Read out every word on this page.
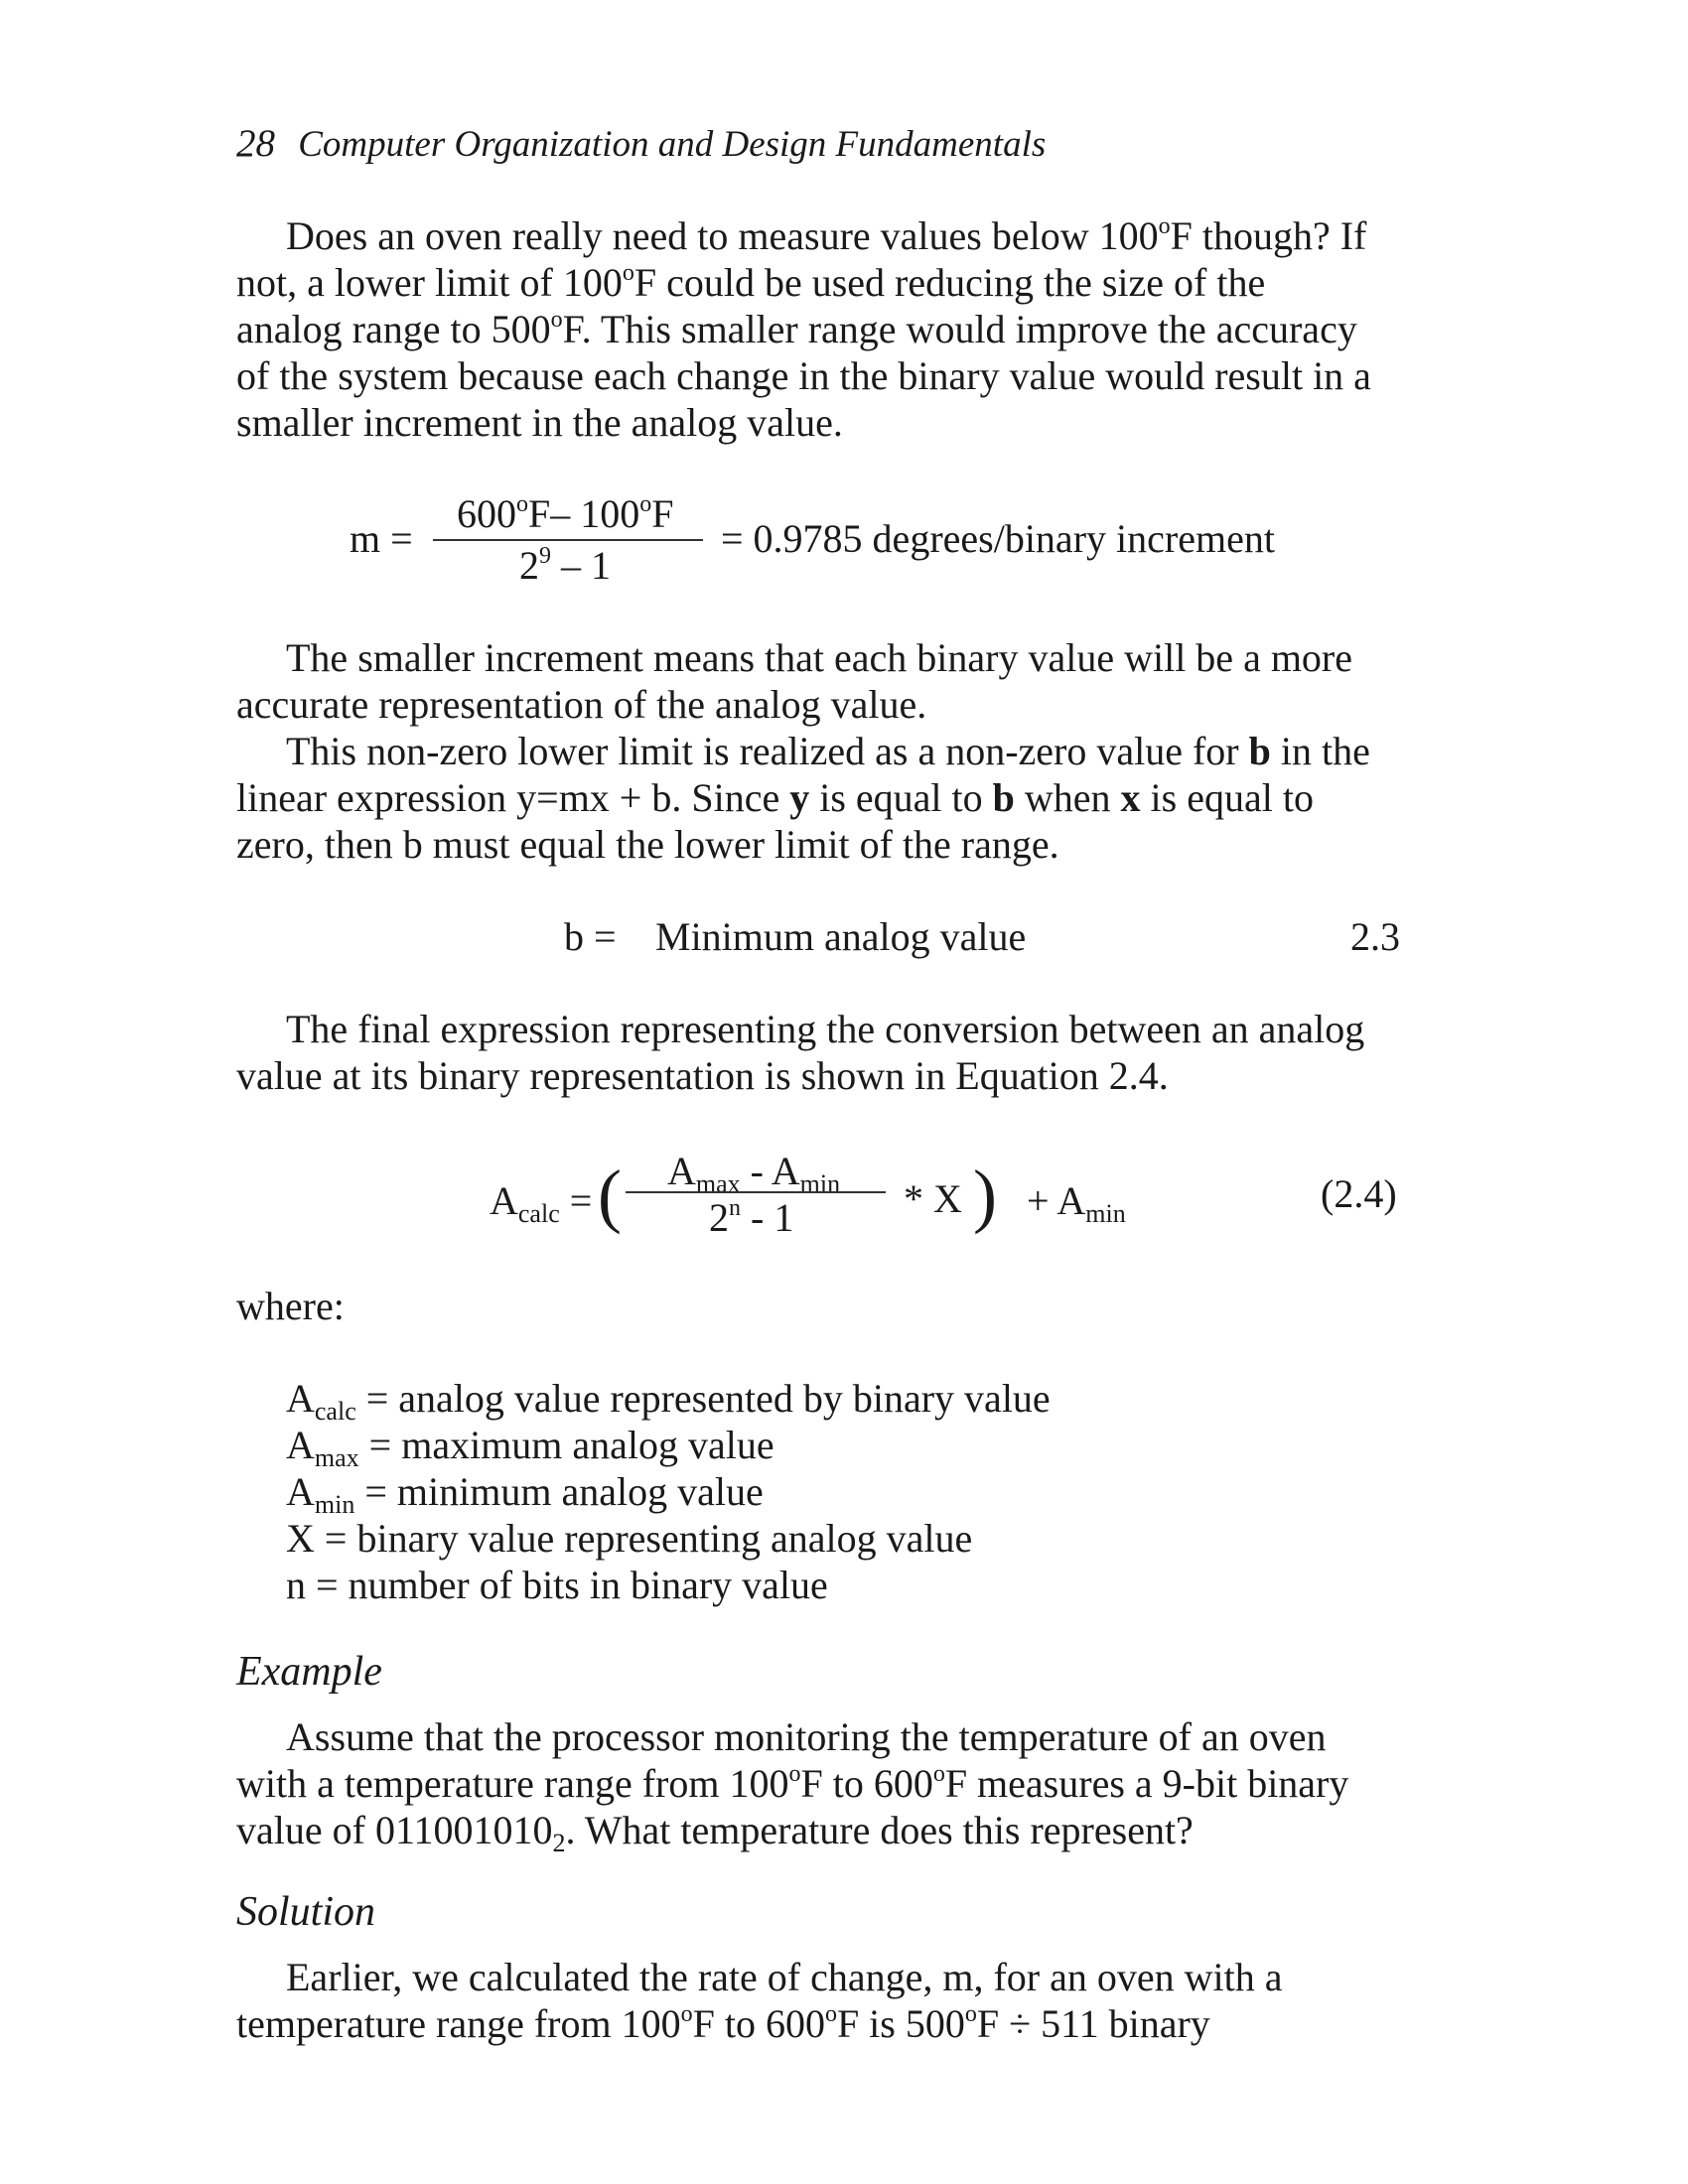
28 Computer Organization and Design Fundamentals
Does an oven really need to measure values below 100$^o$F though? If
not, a lower limit of 100$^o$F could be used reducing the size of the
analog range to 500$^o$F. This smaller range would improve the accuracy
of the system because each change in the binary value would result in a
smaller increment in the analog value.
m =
$600^oF-$ 100$^o$F
$2^9 - 1$
= 0.9785 degrees/binary increment
The smaller increment means that each binary value will be a more
accurate representation of the analog value.
This non-zero lower limit is realized as a non-zero value for b in the
linear expression y=mx + b. Since y is equal to b when x is equal to
zero, then b must equal the lower limit of the range.
b = Minimum analog value	2.3
The final expression representing the conversion between an analog
value at its binary representation is shown in Equation 2.4.
$A_{calc}$ = ( $A_{max} - A_{min}$
2$^n$ - 1	* X ) + $A_{min}$	(2.4)
where:
$A_{calc} = analog$ value represented by binary value
$A_{max}$ = maximum analog value
$A_{min}$ = minimum analog value
X = binary value representing analog value
n = number of bits in binary value
Example
Assume that the processor monitoring the temperature of an oven
with a temperature range from 100$^o$F to 600$^o$F measures a 9-bit binary
value of $011001010_2$. What temperature does this represent?
Solution
Earlier, we calculated the rate of change, m, for an oven with a
temperature range from 100$^o$F to 600$^o$F is $500^oF \div 511$ binary
